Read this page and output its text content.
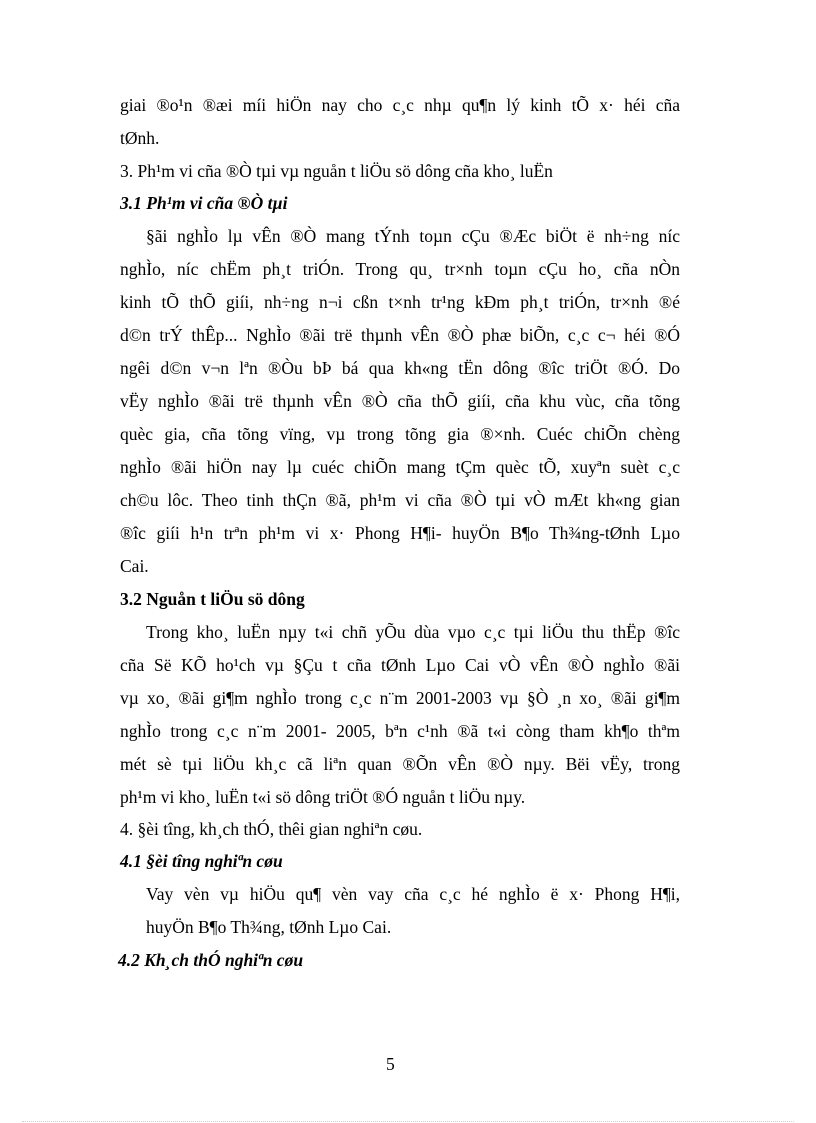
giai ®o¹n ®æi míi hiÖn nay cho c¸c nhµ qu¶n lý kinh tÕ x· héi cña
tØnh.
3. Ph¹m vi cña ®Ò tµi vµ nguån t liÖu sö dông cña kho¸ luËn
3.1 Ph¹m vi cña ®Ò tµi
§ãi nghÌo lµ vÊn ®Ò mang tÝnh toµn cÇu ®Æc biÖt ë nh÷ng níc
nghÌo, níc chËm ph¸t triÓn. Trong qu¸ tr×nh toµn cÇu ho¸ cña nÒn
kinh tÕ thÕ giíi, nh÷ng n¬i cßn t×nh tr¹ng kÐm ph¸t triÓn, tr×nh ®é
d©n trÝ thÊp... NghÌo ®ãi trë thµnh vÊn ®Ò phæ biÕn, c¸c c¬ héi ®Ó
ngêi d©n v¬n lªn ®Òu bÞ bá qua kh«ng tËn dông ®îc triÖt ®Ó. Do
vËy nghÌo ®ãi trë thµnh vÊn ®Ò cña thÕ giíi, cña khu vùc, cña tõng
quèc gia, cña tõng vïng, vµ trong tõng gia ®×nh. Cuéc chiÕn chèng
nghÌo ®ãi hiÖn nay lµ cuéc chiÕn mang tÇm quèc tÕ, xuyªn suèt c¸c
ch©u lôc. Theo tinh thÇn ®ã, ph¹m vi cña ®Ò tµi vÒ mÆt kh«ng gian
®îc giíi h¹n trªn ph¹m vi x· Phong H¶i- huyÖn B¶o Th¾ng-tØnh Lµo
Cai.
3.2 Nguån t liÖu sö dông
Trong kho¸ luËn nµy t«i chñ yÕu dùa vµo c¸c tµi liÖu thu thËp ®îc
cña Së KÕ ho¹ch vµ §Çu t cña tØnh Lµo Cai vÒ vÊn ®Ò nghÌo ®ãi
vµ xo¸ ®ãi gi¶m nghÌo trong c¸c n¨m 2001-2003 vµ §Ò ¸n xo¸ ®ãi gi¶m
nghÌo trong c¸c n¨m 2001- 2005, bªn c¹nh ®ã t«i còng tham kh¶o thªm
mét sè tµi liÖu kh¸c cã liªn quan ®Õn vÊn ®Ò nµy. Bëi vËy, trong
ph¹m vi kho¸ luËn t«i sö dông triÖt ®Ó nguån t liÖu nµy.
4. §èi tîng, kh¸ch thÓ, thêi gian nghiªn cøu.
4.1 §èi tîng nghiªn cøu
Vay vèn vµ hiÖu qu¶ vèn vay cña c¸c hé nghÌo ë x· Phong H¶i,
huyÖn B¶o Th¾ng, tØnh Lµo Cai.
4.2 Kh¸ch thÓ nghiªn cøu
5
